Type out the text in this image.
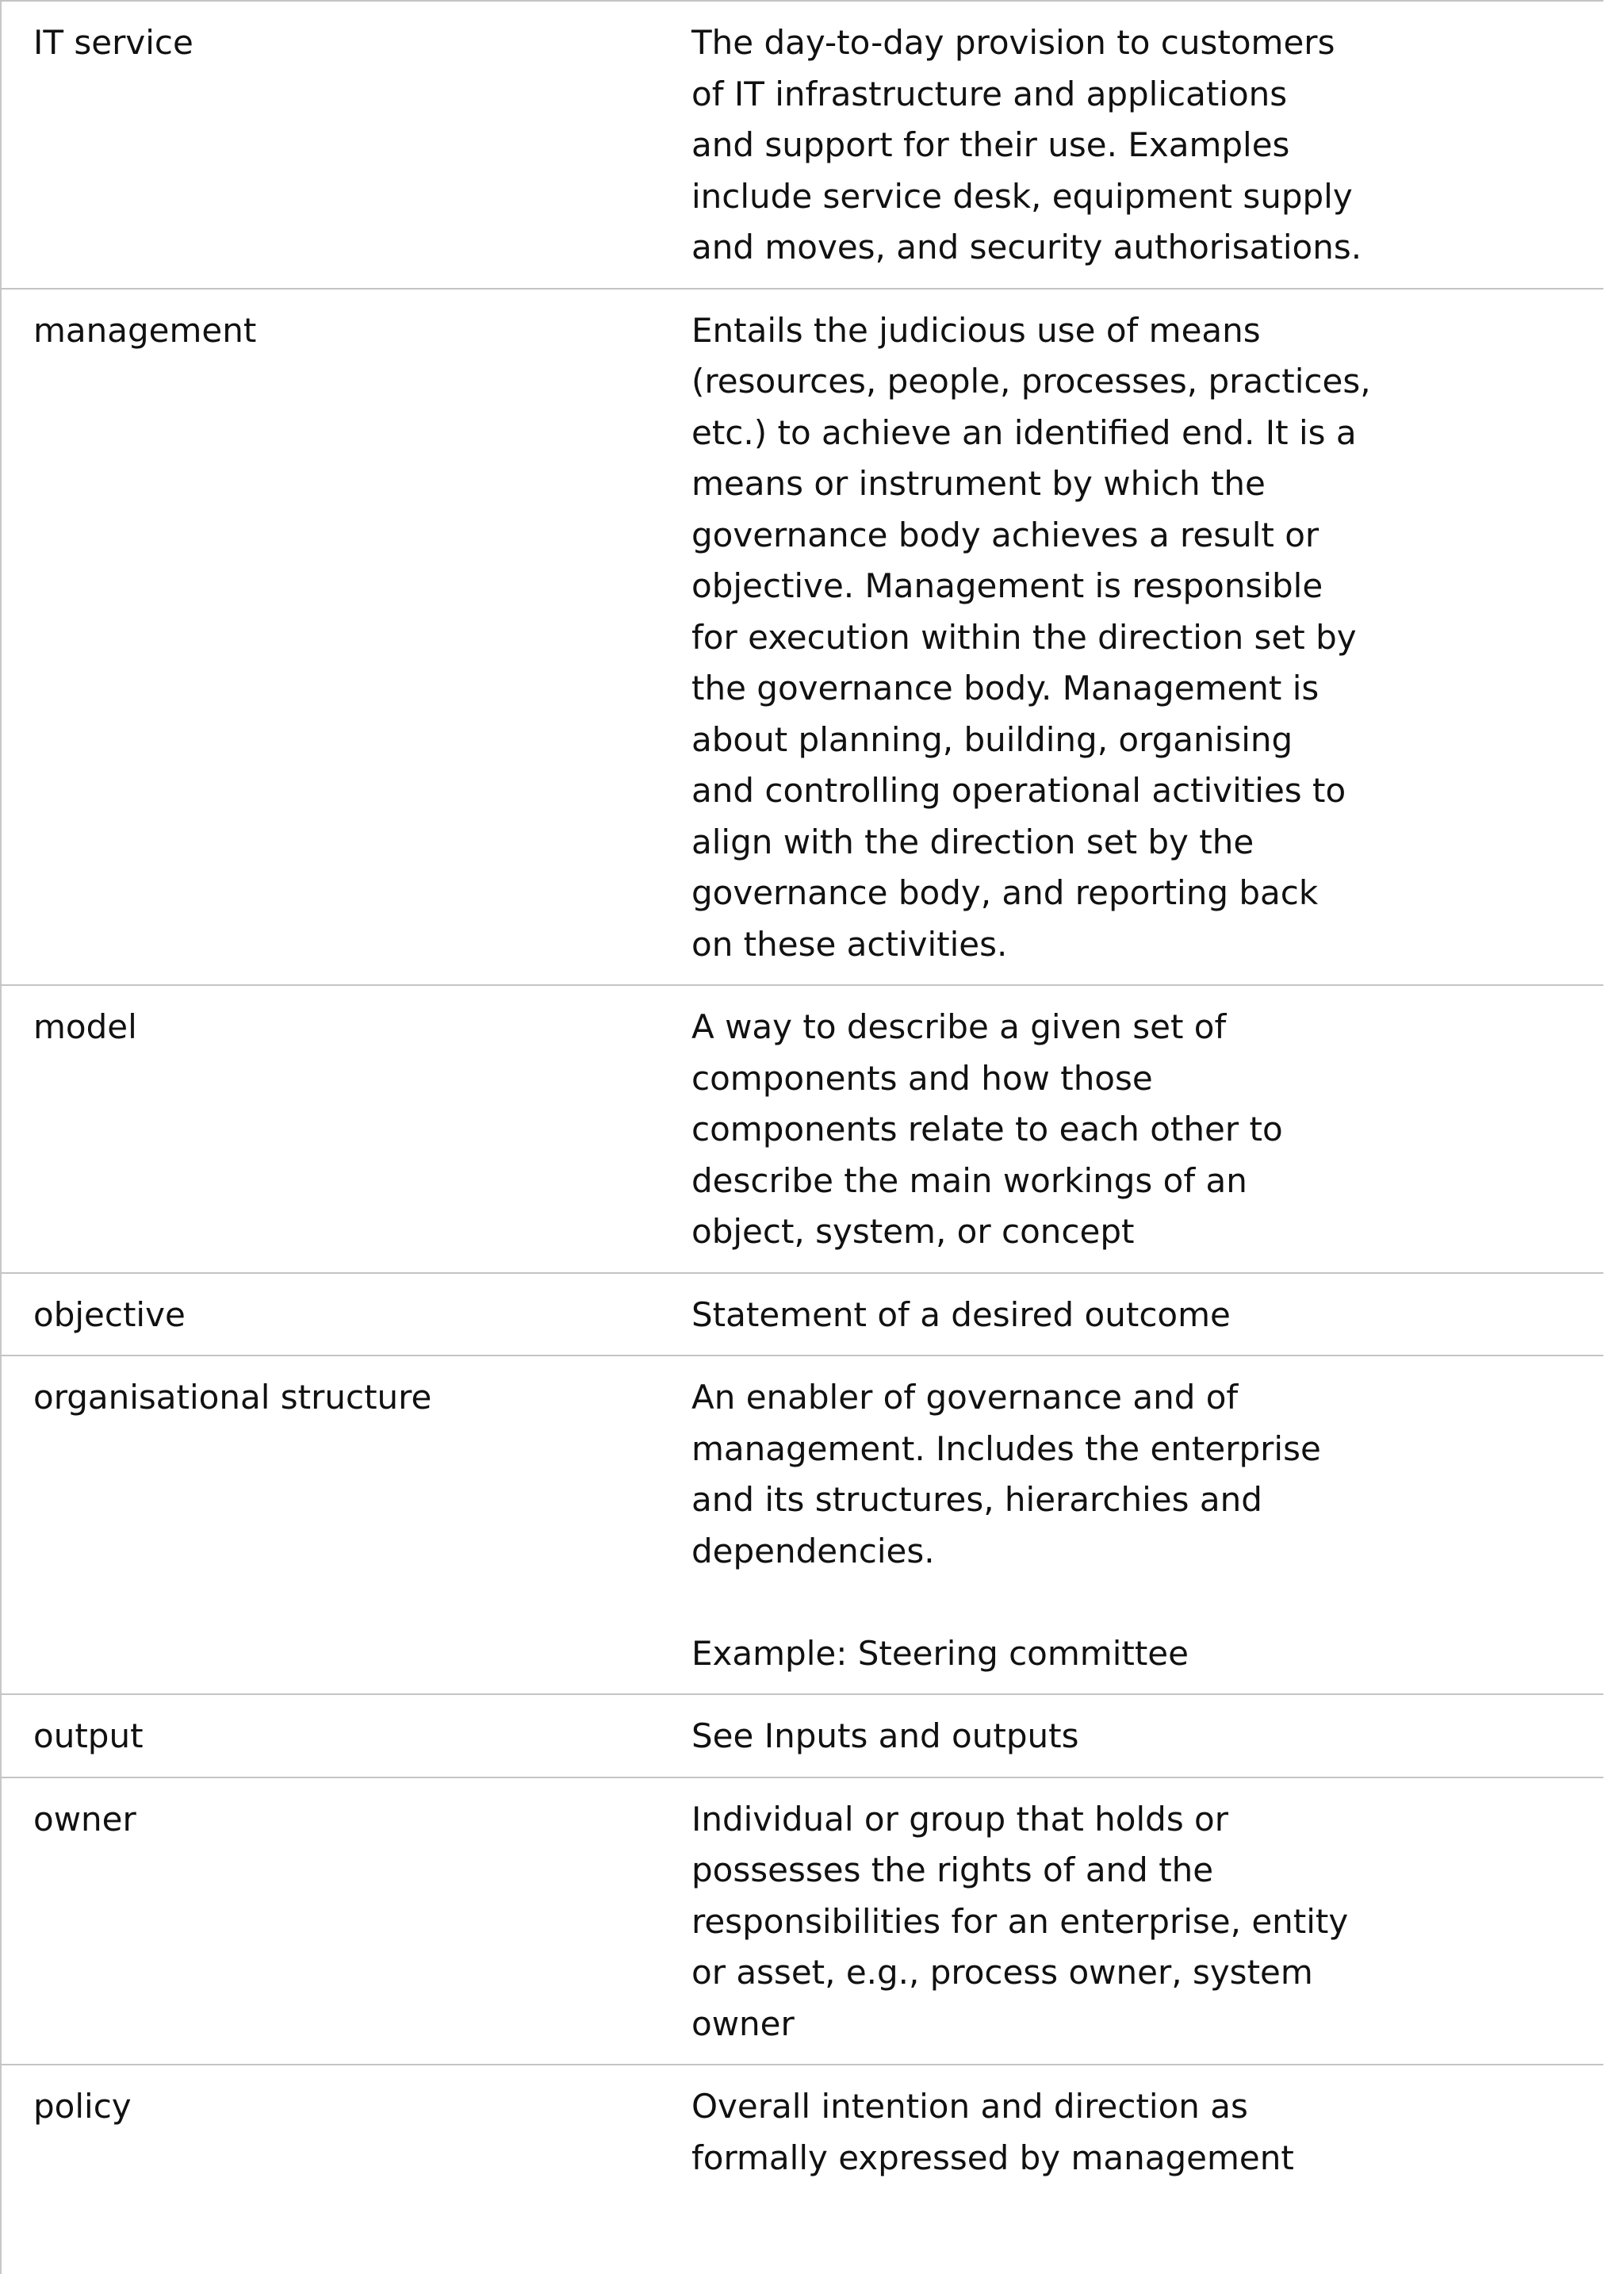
IT service	The day-to-day provision to customers
of IT infrastructure and applications
and support for their use. Examples
include service desk, equipment supply
and moves, and security authorisations.
management	Entails the judicious use of means
(resources, people, processes, practices,
etc.) to achieve an identified end. It is a
means or instrument by which the
governance body achieves a result or
objective. Management is responsible
for execution within the direction set by
the governance body. Management is
about planning, building, organising
and controlling operational activities to
align with the direction set by the
governance body, and reporting back
on these activities.
model	A way to describe a given set of
components and how those
components relate to each other to
describe the main workings of an
object, system, or concept
objective	Statement of a desired outcome
organisational structure	An enabler of governance and of
management. Includes the enterprise
and its structures, hierarchies and
dependencies.

Example: Steering committee
output	See Inputs and outputs
owner	Individual or group that holds or
possesses the rights of and the
responsibilities for an enterprise, entity
or asset, e.g., process owner, system
owner
policy	Overall intention and direction as
formally expressed by management
